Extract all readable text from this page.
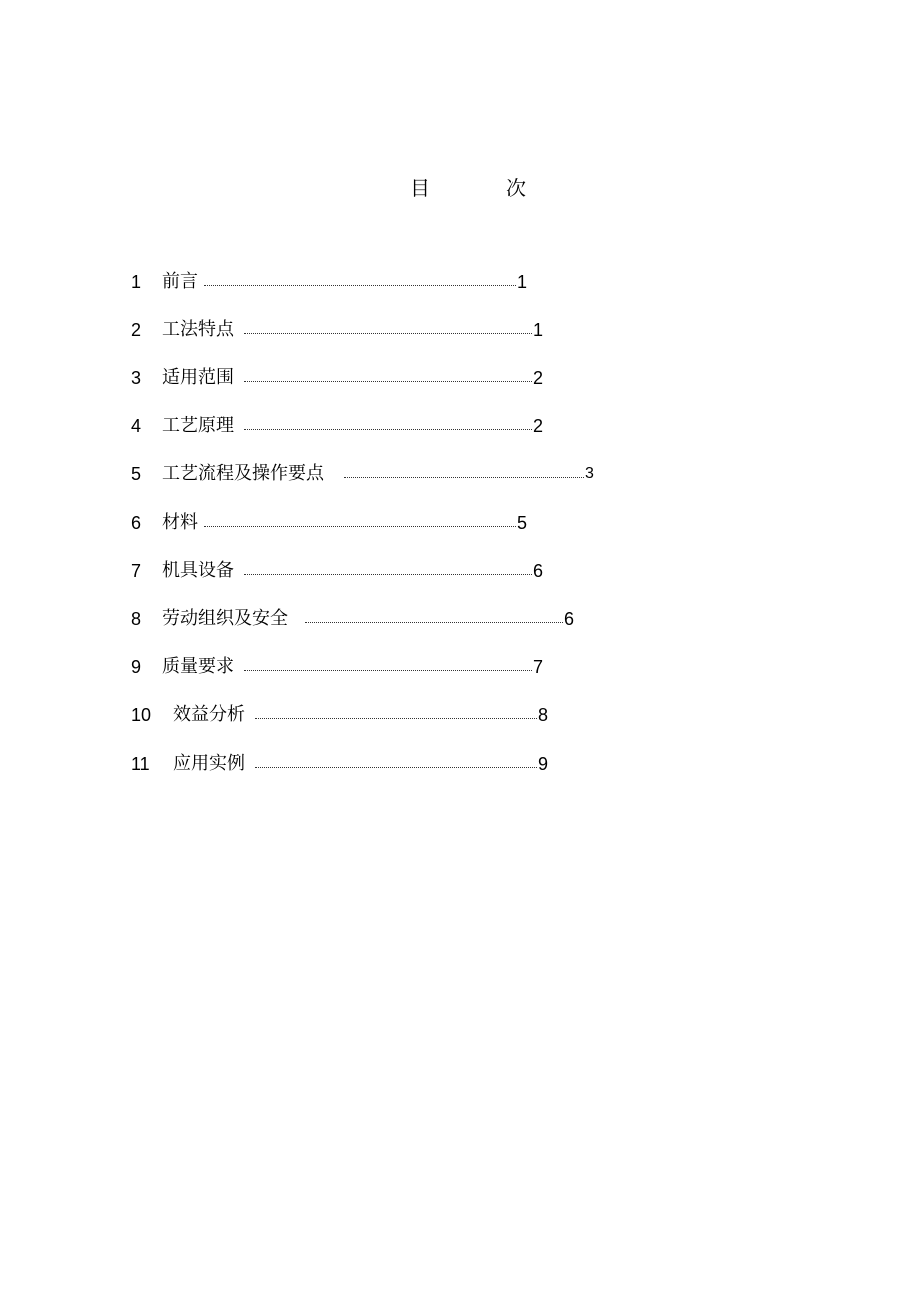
目	次
1 前言	1
2 工法特点	1
3 适用范围	2
4 工艺原理	2
5 工艺流程及操作要点	3
6 材料	5
7 机具设备	6
8 劳动组织及安全	6
9 质量要求	7
10 效益分析	8
11 应用实例	9
